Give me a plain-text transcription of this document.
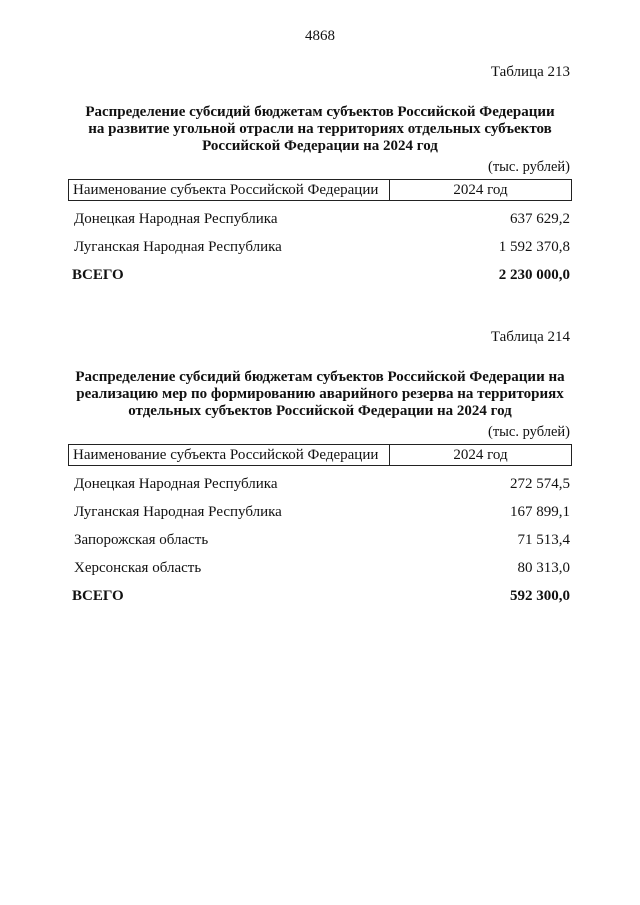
4868
Таблица 213
Распределение субсидий бюджетам субъектов Российской Федерации
на развитие угольной отрасли на территориях отдельных субъектов
Российской Федерации на 2024 год
(тыс. рублей)
Наименование субъекта Российской Федерации	2024 год
Донецкая Народная Республика	637 629,2
Луганская Народная Республика	1 592 370,8
ВСЕГО	2 230 000,0
Таблица 214
Распределение субсидий бюджетам субъектов Российской Федерации на
реализацию мер по формированию аварийного резерва на территориях
отдельных субъектов Российской Федерации на 2024 год
(тыс. рублей)
Наименование субъекта Российской Федерации	2024 год
Донецкая Народная Республика	272 574,5
Луганская Народная Республика	167 899,1
Запорожская область	71 513,4
Херсонская область	80 313,0
ВСЕГО	592 300,0
